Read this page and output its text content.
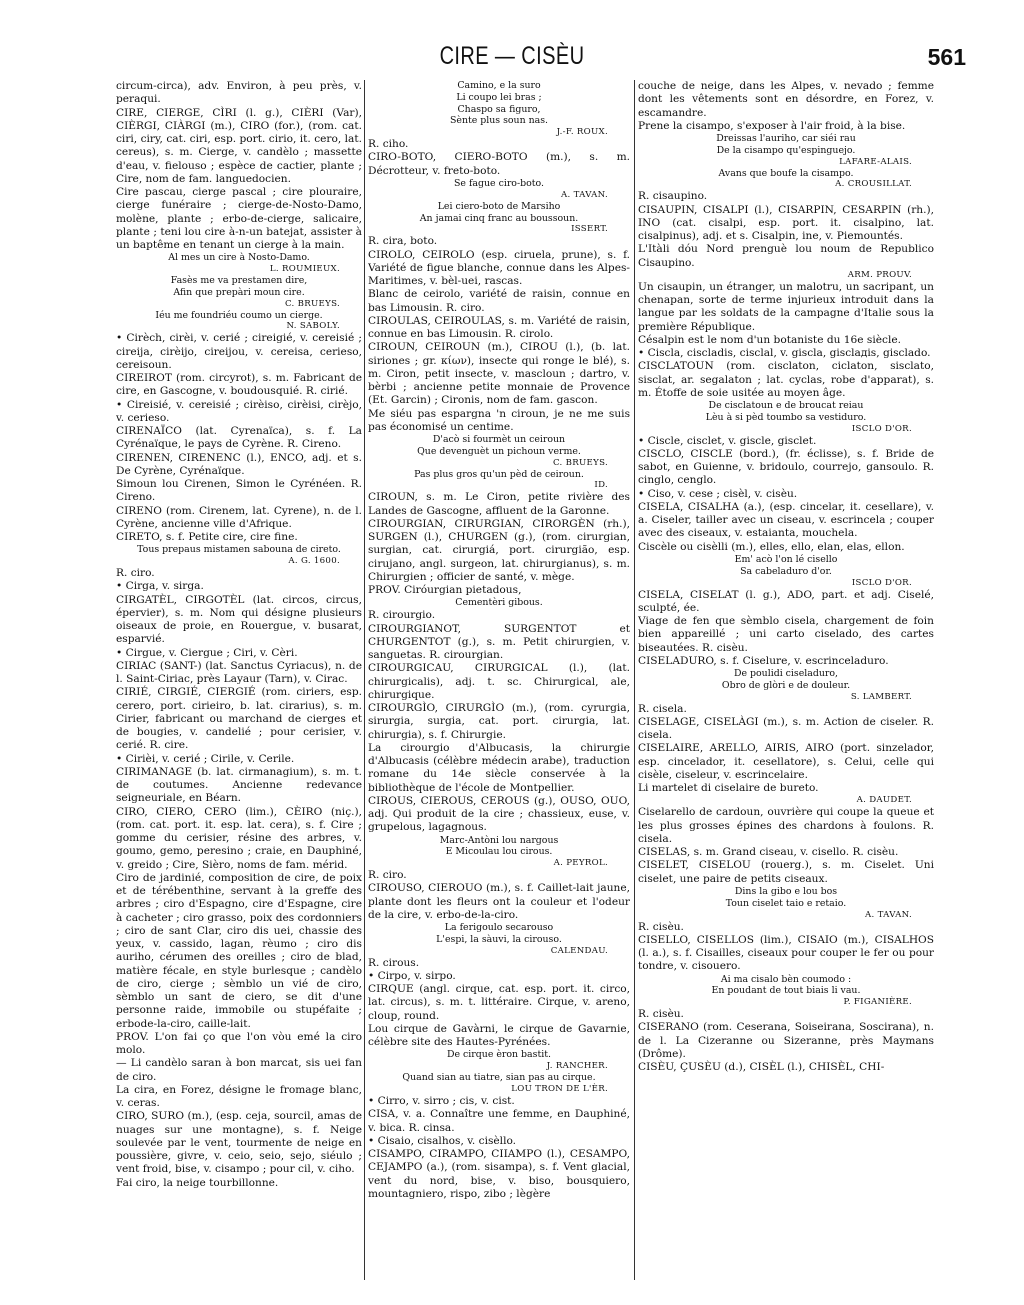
CIRE — CISÈU	561

circum-circa), adv. Environ, à peu près, v. peraqui.

CIRE, CIERGE, CÌRI (l. g.), CIÈRI (Var), CIÈRGI, CIÀRGI (m.), CIRO (for.), (rom. cat. ciri, ciry, cat. ciri, esp. port. cirio, it. cero, lat. cereus), s. m. Cierge, v. candèlo ; massette d'eau, v. fielouso ; espèce de cactier, plante ; Cire, nom de fam. languedocien.

Cire pascau, cierge pascal ; cire plouraire, cierge funéraire ; cierge-de-Nosto-Damo, molène, plante ; erbo-de-cierge, salicaire, plante ; teni lou cire à-n-un batejat, assister à un baptême en tenant un cierge à la main.

Al mes un cire à Nosto-Damo.

L. ROUMIEUX.

Fasès me va prestamen dire,

Afin que prepàri moun cire.

C. BRUEYS.

Iéu me foundriéu coumo un cierge.

N. SABOLY.

• Cirèch, cirèi, v. cerié ; cireigié, v. cereisié ; cireija, cirèijo, cireijou, v. cereisa, cerieso, cereisoun.

CIREIROT (rom. circyrot), s. m. Fabricant de cire, en Gascogne, v. boudousquié. R. cirié.

• Cireisié, v. cereisié ; cirèiso, cirèisi, cirèjo, v. cerieso.

CIRENAÏCO (lat. Cyrenaïca), s. f. La Cyrénaïque, le pays de Cyrène. R. Cireno.

CIRENEN, CIRENENC (l.), ENCO, adj. et s. De Cyrène, Cyrénaïque.

Simoun lou Cirenen, Simon le Cyrénéen. R. Cireno.

CIRENO (rom. Cirenem, lat. Cyrene), n. de l. Cyrène, ancienne ville d'Afrique.

CIRETO, s. f. Petite cire, cire fine.

Tous prepaus mistamen sabouna de cireto.

A. G. 1600.

R. ciro.

• Cirga, v. sirga.

CIRGATÈL, CIRGOTÈL (lat. circos, circus, épervier), s. m. Nom qui désigne plusieurs oiseaux de proie, en Rouergue, v. busarat, esparvié.

• Cirgue, v. Ciergue ; Ciri, v. Cèri.

CIRIAC (SANT-) (lat. Sanctus Cyriacus), n. de l. Saint-Ciriac, près Layaur (Tarn), v. Cirac.

CIRIÉ, CIRGIÉ, CIERGIÉ (rom. ciriers, esp. cerero, port. cirieiro, b. lat. cirarius), s. m. Cirier, fabricant ou marchand de cierges et de bougies, v. candelié ; pour cerisier, v. cerié. R. cire.

• Cirièi, v. cerié ; Cirile, v. Cerile.

CIRIMANAGE (b. lat. cirmanagium), s. m. t. de coutumes. Ancienne redevance seigneuriale, en Béarn.

CIRO, CIERO, CERO (lim.), CÈIRO (niç.), (rom. cat. port. it. esp. lat. cera), s. f. Cire ; gomme du cerisier, résine des arbres, v. goumo, gemo, peresino ; craie, en Dauphiné, v. greido ; Cire, Sièro, noms de fam. mérid.

Ciro de jardinié, composition de cire, de poix et de térébenthine, servant à la greffe des arbres ; ciro d'Espagno, cire d'Espagne, cire à cacheter ; ciro grasso, poix des cordonniers ; ciro de sant Clar, ciro dis uei, chassie des yeux, v. cassido, lagan, rèumo ; ciro dis auriho, cérumen des oreilles ; ciro de blad, matière fécale, en style burlesque ; candèlo de ciro, cierge ; sèmblo un vié de ciro, sèmblo un sant de ciero, se dit d'une personne raide, immobile ou stupéfaite ; erbode-la-ciro, caille-lait.

PROV. L'on fai ço que l'on vòu emé la ciro molo.

— Li candèlo saran à bon marcat, sis uei fan de ciro.

La cira, en Forez, désigne le fromage blanc, v. ceras.

CIRO, SURO (m.), (esp. ceja, sourcil, amas de nuages sur une montagne), s. f. Neige soulevée par le vent, tourmente de neige en poussière, givre, v. ceio, seio, sejo, siéulo ; vent froid, bise, v. cisampo ; pour cil, v. ciho.

Fai ciro, la neige tourbillonne.

Camino, e la suro

Li coupo lei bras ;

Chaspo sa figuro,

Sènte plus soun nas.

J.-F. ROUX.

R. ciho.

CIRO-BOTO, CIERO-BOTO (m.), s. m. Décrotteur, v. freto-boto.

Se fague ciro-boto.

A. TAVAN.

Lei ciero-boto de Marsiho

An jamai cinq franc au boussoun.

ISSERT.

R. cira, boto.

CIROLO, CEIROLO (esp. ciruela, prune), s. f. Variété de figue blanche, connue dans les Alpes-Maritimes, v. bèl-uei, rascas.

Blanc de ceirolo, variété de raisin, connue en bas Limousin. R. ciro.

CIROULAS, CEIROULAS, s. m. Variété de raisin, connue en bas Limousin. R. cirolo.

CIROUN, CEIROUN (m.), CIROU (l.), (b. lat. siriones ; gr. κίων), insecte qui ronge le blé), s. m. Ciron, petit insecte, v. mascloun ; dartro, v. bèrbi ; ancienne petite monnaie de Provence (Et. Garcin) ; Cironis, nom de fam. gascon.

Me siéu pas espargna 'n ciroun, je ne me suis pas économisé un centime.

D'acò si fourmèt un ceiroun

Que devenguèt un pichoun verme.

C. BRUEYS.

Pas plus gros qu'un pèd de ceiroun.

ID.

CIROUN, s. m. Le Ciron, petite rivière des Landes de Gascogne, affluent de la Garonne.

CIROURGIAN, CIRURGIAN, CIRORGÈN (rh.), SURGEN (l.), CHURGEN (g.), (rom. cirurgian, surgian, cat. cirurgiá, port. cirurgião, esp. cirujano, angl. surgeon, lat. chirurgianus), s. m. Chirurgien ; officier de santé, v. mège.

PROV. Ciróurgian pietadous,

Cementèri gibous.

R. cirourgio.

CIROURGIANOT, SURGENTOT et CHURGENTOT (g.), s. m. Petit chirurgien, v. sanguetas. R. cirourgian.

CIROURGICAU, CIRURGICAL (l.), (lat. chirurgicalis), adj. t. sc. Chirurgical, ale, chirurgique.

CIROURGÌO, CIRURGÌO (m.), (rom. cyrurgia, sirurgia, surgia, cat. port. cirurgia, lat. chirurgia), s. f. Chirurgie.

La cirourgio d'Albucasis, la chirurgie d'Albucasis (célèbre médecin arabe), traduction romane du 14e siècle conservée à la bibliothèque de l'école de Montpellier.

CIROUS, CIEROUS, CEROUS (g.), OUSO, OUO, adj. Qui produit de la cire ; chassieux, euse, v. grupelous, lagagnous.

Marc-Antòni lou nargous

E Micoulau lou cirous.

A. PEYROL.

R. ciro.

CIROUSO, CIEROUO (m.), s. f. Caillet-lait jaune, plante dont les fleurs ont la couleur et l'odeur de la cire, v. erbo-de-la-ciro.

La ferigoulo secarouso

L'espi, la sàuvi, la cirouso.

CALENDAU.

R. cirous.

• Cirpo, v. sirpo.

CIRQUE (angl. cirque, cat. esp. port. it. circo, lat. circus), s. m. t. littéraire. Cirque, v. areno, cloup, round.

Lou cirque de Gavàrni, le cirque de Gavarnie, célèbre site des Hautes-Pyrénées.

De cirque èron bastit.

J. RANCHER.

Quand sian au tiatre, sian pas au cirque.

LOU TRON DE L'ÈR.

• Cirro, v. sirro ; cis, v. cist.

CISA, v. a. Connaître une femme, en Dauphiné, v. bica. R. cinsa.

• Cisaio, cisalhos, v. cisèllo.

CISAMPO, CIRAMPO, CIIAMPO (l.), CESAMPO, CEJAMPO (a.), (rom. sisampa), s. f. Vent glacial, vent du nord, bise, v. biso, bousquiero, mountagniero, rispo, zibo ; lègère

couche de neige, dans les Alpes, v. nevado ; femme dont les vêtements sont en désordre, en Forez, v. escamandre.

Prene la cisampo, s'exposer à l'air froid, à la bise.

Dreissas l'auriho, car siéi rau

De la cisampo qu'espinguejo.

LAFARE-ALAIS.

Avans que boufe la cisampo.

A. CROUSILLAT.

R. cisaupino.

CISAUPIN, CISALPI (l.), CISARPIN, CESARPIN (rh.), INO (cat. cisalpi, esp. port. it. cisalpino, lat. cisalpinus), adj. et s. Cisalpin, ine, v. Piemountés.

L'Itàli dóu Nord prenguè lou noum de Republico Cisaupino.

ARM. PROUV.

Un cisaupin, un étranger, un malotru, un sacripant, un chenapan, sorte de terme injurieux introduit dans la langue par les soldats de la campagne d'Italie sous la première République.

Césalpin est le nom d'un botaniste du 16e siècle.

• Ciscla, ciscladis, cisclal, v. giscla, gisclадis, gisclado.

CISCLATOUN (rom. cisclaton, ciclaton, sisclato, sisclat, ar. segalaton ; lat. cyclas, robe d'apparat), s. m. Étoffe de soie usitée au moyen âge.

De cisclatoun e de broucat reiau

Lèu à si pèd toumbo sa vestiduro.

ISCLO D'OR.

• Ciscle, cisclet, v. giscle, gisclet.

CISCLO, CISCLE (bord.), (fr. éclisse), s. f. Bride de sabot, en Guienne, v. bridoulo, courrejo, gansoulo. R. cinglo, cenglo.

• Ciso, v. cese ; cisèl, v. cisèu.

CISELA, CISALHA (a.), (esp. cincelar, it. cesellare), v. a. Ciseler, tailler avec un ciseau, v. escrincela ; couper avec des ciseaux, v. estaianta, mouchela.

Ciscèle ou cisèlli (m.), elles, ello, elan, elas, ellon.

Em' acò l'on lé cisello

Sa cabeladuro d'or.

ISCLO D'OR.

CISELA, CISELAT (l. g.), ADO, part. et adj. Ciselé, sculpté, ée.

Viage de fen que sèmblo cisela, chargement de foin bien appareillé ; uni carto ciselado, des cartes biseautées. R. cisèu.

CISELADURO, s. f. Ciselure, v. escrinceladuro.

De poulidi ciseladuro,

Obro de glòri e de douleur.

S. LAMBERT.

R. cisela.

CISELAGE, CISELÀGI (m.), s. m. Action de ciseler. R. cisela.

CISELAIRE, ARELLO, AIRIS, AIRO (port. sinzelador, esp. cincelador, it. cesellatore), s. Celui, celle qui cisèle, ciseleur, v. escrincelaire.

Li martelet di ciselaire de bureto.

A. DAUDET.

Ciselarello de cardoun, ouvrière qui coupe la queue et les plus grosses épines des chardons à foulons. R. cisela.

CISELAS, s. m. Grand ciseau, v. cisello. R. cisèu.

CISELET, CISELOU (rouerg.), s. m. Ciselet. Uni ciselet, une paire de petits ciseaux.

Dins la gibo e lou bos

Toun ciselet taio e retaio.

A. TAVAN.

R. cisèu.

CISELLO, CISELLOS (lim.), CISAIO (m.), CISALHOS (l. a.), s. f. Cisailles, ciseaux pour couper le fer ou pour tondre, v. cisouero.

Ai ma cisalo bèn coumodo :

En poudant de tout biais li vau.

P. FIGANIÈRE.

R. cisèu.

CISERANO (rom. Ceserana, Soiseirana, Soscirana), n. de l. La Cizeranne ou Sizeranne, près Maymans (Drôme).

CISÈU, ÇUSÈU (d.), CISÈL (l.), CHISÈL, CHI-
